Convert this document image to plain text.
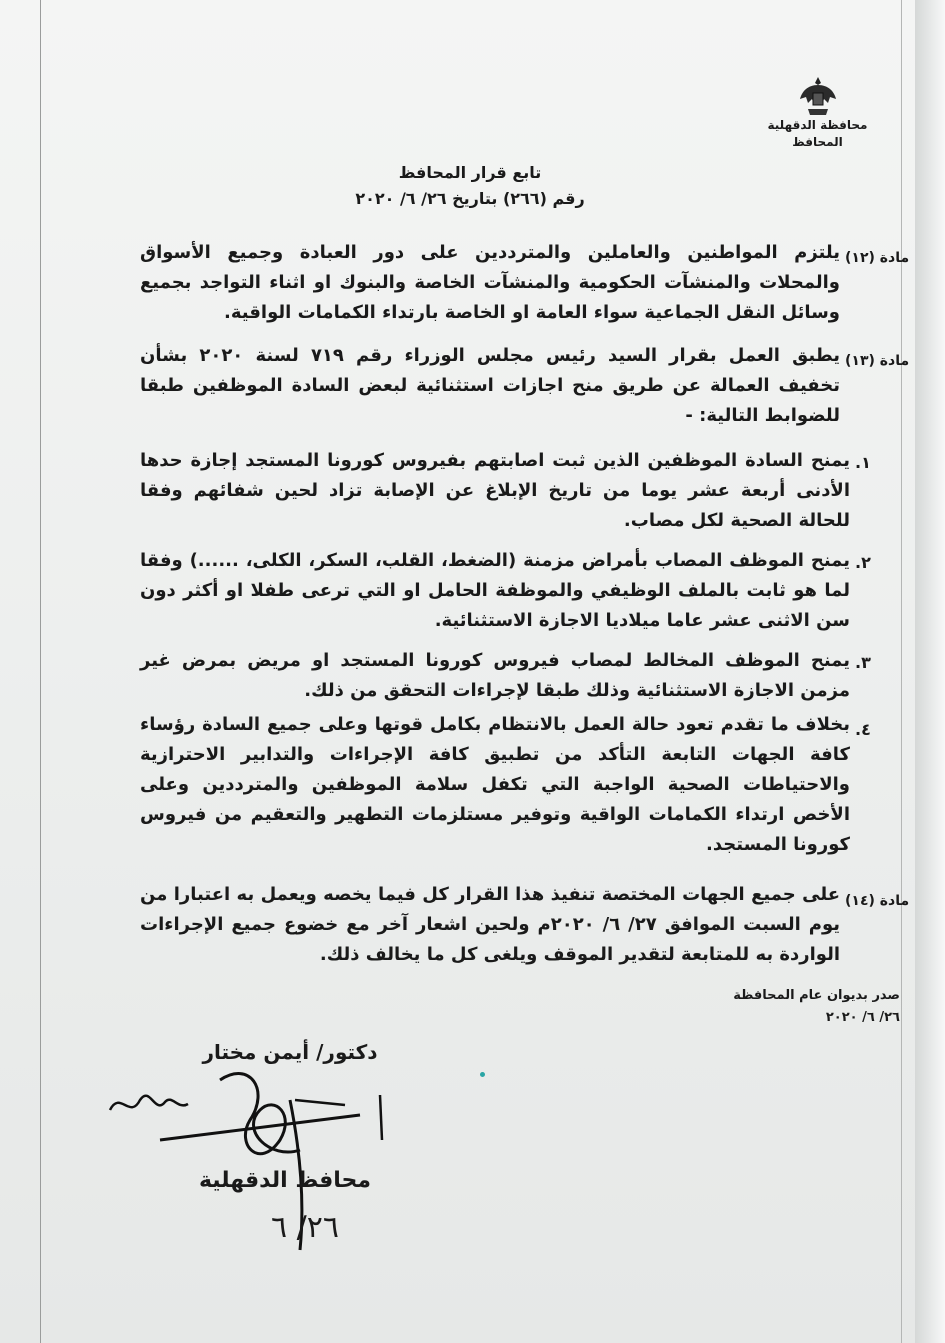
محافظة الدقهلية
المحافظ
تابع قرار المحافظ
رقم (٢٦٦) بتاريخ ٢٦/ ٦/ ٢٠٢٠
مادة (١٢)
يلتزم المواطنين والعاملين والمترددين على دور العبادة وجميع الأسواق والمحلات والمنشآت الحكومية والمنشآت الخاصة والبنوك او اثناء التواجد بجميع وسائل النقل الجماعية سواء العامة او الخاصة بارتداء الكمامات الواقية.
مادة (١٣)
يطبق العمل بقرار السيد رئيس مجلس الوزراء رقم ٧١٩ لسنة ٢٠٢٠ بشأن تخفيف العمالة عن طريق منح اجازات استثنائية لبعض السادة الموظفين طبقا للضوابط التالية: -
١.
يمنح السادة الموظفين الذين ثبت اصابتهم بفيروس كورونا المستجد إجازة حدها الأدنى أربعة عشر يوما من تاريخ الإبلاغ عن الإصابة تزاد لحين شفائهم وفقا للحالة الصحية لكل مصاب.
٢.
يمنح الموظف المصاب بأمراض مزمنة (الضغط، القلب، السكر، الكلى، ......) وفقا لما هو ثابت بالملف الوظيفي والموظفة الحامل او التي ترعى طفلا او أكثر دون سن الاثنى عشر عاما ميلاديا الاجازة الاستثنائية.
٣.
يمنح الموظف المخالط لمصاب فيروس كورونا المستجد او مريض بمرض غير مزمن الاجازة الاستثنائية وذلك طبقا لإجراءات التحقق من ذلك.
٤.
بخلاف ما تقدم تعود حالة العمل بالانتظام بكامل قوتها وعلى جميع السادة رؤساء كافة الجهات التابعة التأكد من تطبيق كافة الإجراءات والتدابير الاحترازية والاحتياطات الصحية الواجبة التي تكفل سلامة الموظفين والمترددين وعلى الأخص ارتداء الكمامات الواقية وتوفير مستلزمات التطهير والتعقيم من فيروس كورونا المستجد.
مادة (١٤)
على جميع الجهات المختصة تنفيذ هذا القرار كل فيما يخصه ويعمل به اعتبارا من يوم السبت الموافق ٢٧/ ٦/ ٢٠٢٠م ولحين اشعار آخر مع خضوع جميع الإجراءات الواردة به للمتابعة لتقدير الموقف ويلغى كل ما يخالف ذلك.
صدر بديوان عام المحافظة
٢٦/ ٦/ ٢٠٢٠
دكتور/ أيمن مختار
محافظ الدقهلية
٢٦/ ٦
